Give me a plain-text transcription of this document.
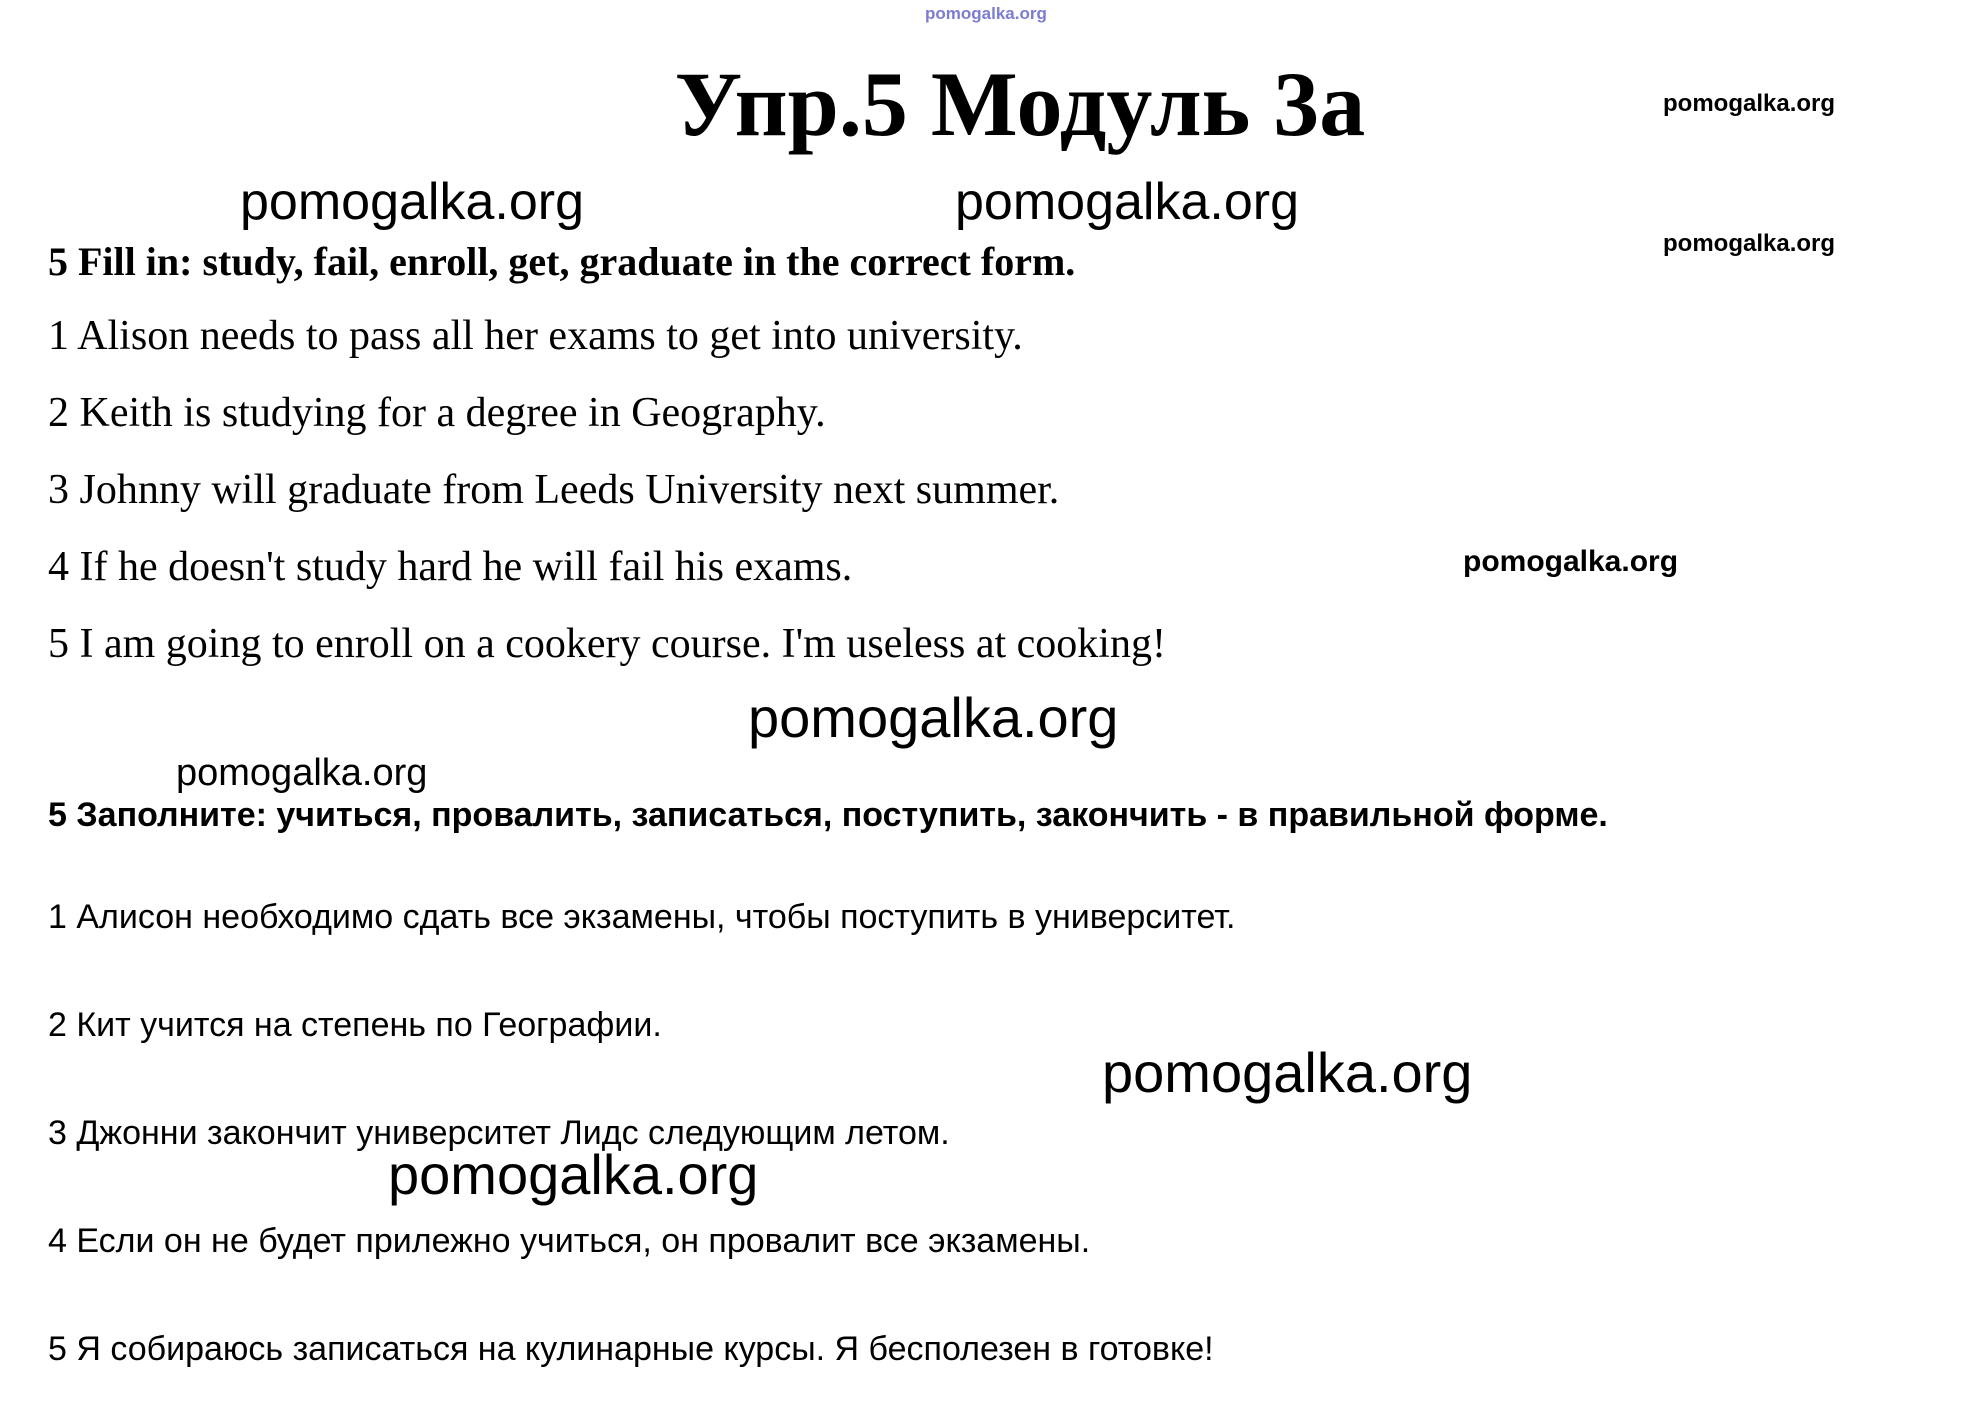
pomogalka.org
pomogalka.org
pomogalka.org	pomogalka.org
pomogalka.org
pomogalka.org
pomogalka.org
pomogalka.org
pomogalka.org
pomogalka.org
Упр.5 Модуль 3а
5 Fill in: study, fail, enroll, get, graduate in the correct form.
1 Alison needs to pass all her exams to get into university.
2 Keith is studying for a degree in Geography.
3 Johnny will graduate from Leeds University next summer.
4 If he doesn't study hard he will fail his exams.
5 I am going to enroll on a cookery course. I'm useless at cooking!
5 Заполните: учиться, провалить, записаться, поступить, закончить - в правильной форме.
1 Алисон необходимо сдать все экзамены, чтобы поступить в университет.
2 Кит учится на степень по Географии.
3 Джонни закончит университет Лидс следующим летом.
4 Если он не будет прилежно учиться, он провалит все экзамены.
5 Я собираюсь записаться на кулинарные курсы. Я бесполезен в готовке!
